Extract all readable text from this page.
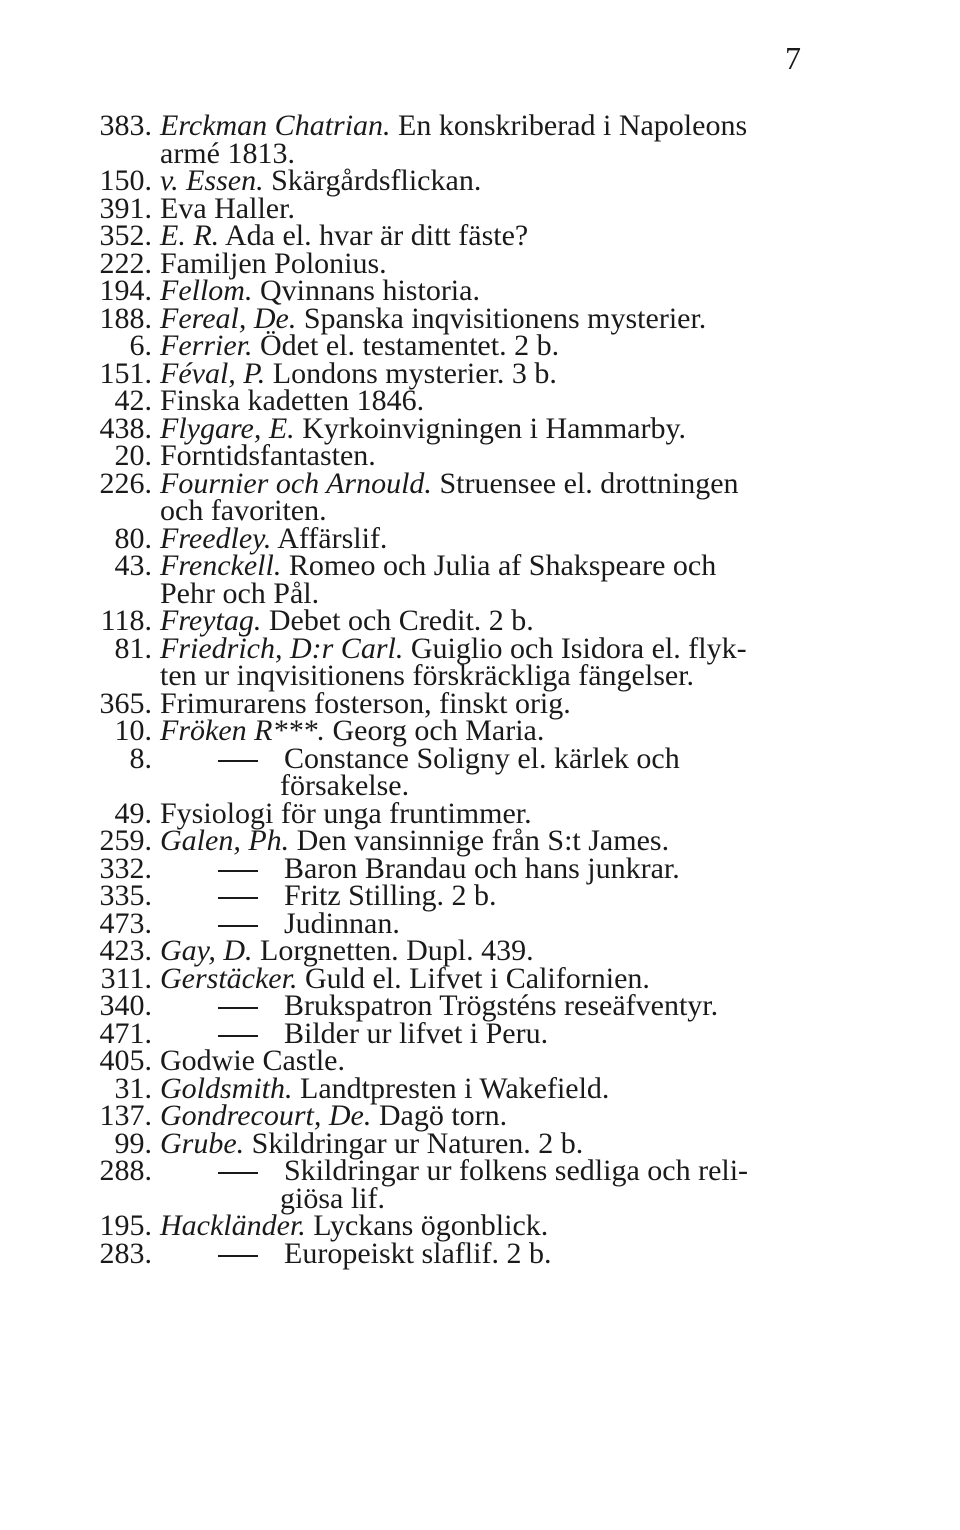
7
383. Erckman Chatrian. En konskriberad i Napoleons
armé 1813.
150. v. Essen. Skärgårdsflickan.
391. Eva Haller.
352. E. R. Ada el. hvar är ditt fäste?
222. Familjen Polonius.
194. Fellom. Qvinnans historia.
188. Fereal, De. Spanska inqvisitionens mysterier.
6. Ferrier. Ödet el. testamentet. 2 b.
151. Féval, P. Londons mysterier. 3 b.
42. Finska kadetten 1846.
438. Flygare, E. Kyrkoinvigningen i Hammarby.
20. Forntidsfantasten.
226. Fournier och Arnould. Struensee el. drottningen
och favoriten.
80. Freedley. Affärslif.
43. Frenckell. Romeo och Julia af Shakspeare och
Pehr och Pål.
118. Freytag. Debet och Credit. 2 b.
81. Friedrich, D:r Carl. Guiglio och Isidora el. flyk-
ten ur inqvisitionens förskräckliga fängelser.
365. Frimurarens fosterson, finskt orig.
10. Fröken R***. Georg och Maria.
8.	Constance Soligny el. kärlek och
försakelse.
49. Fysiologi för unga fruntimmer.
259. Galen, Ph. Den vansinnige från S:t James.
332.	Baron Brandau och hans junkrar.
335.	Fritz Stilling. 2 b.
473.	Judinnan.
423. Gay, D. Lorgnetten. Dupl. 439.
311. Gerstäcker. Guld el. Lifvet i Californien.
340.	Brukspatron Trögsténs reseäfventyr.
471.	Bilder ur lifvet i Peru.
405. Godwie Castle.
31. Goldsmith. Landtpresten i Wakefield.
137. Gondrecourt, De. Dagö torn.
99. Grube. Skildringar ur Naturen. 2 b.
288.	Skildringar ur folkens sedliga och reli-
giösa lif.
195. Hackländer. Lyckans ögonblick.
283.	Europeiskt slaflif. 2 b.
